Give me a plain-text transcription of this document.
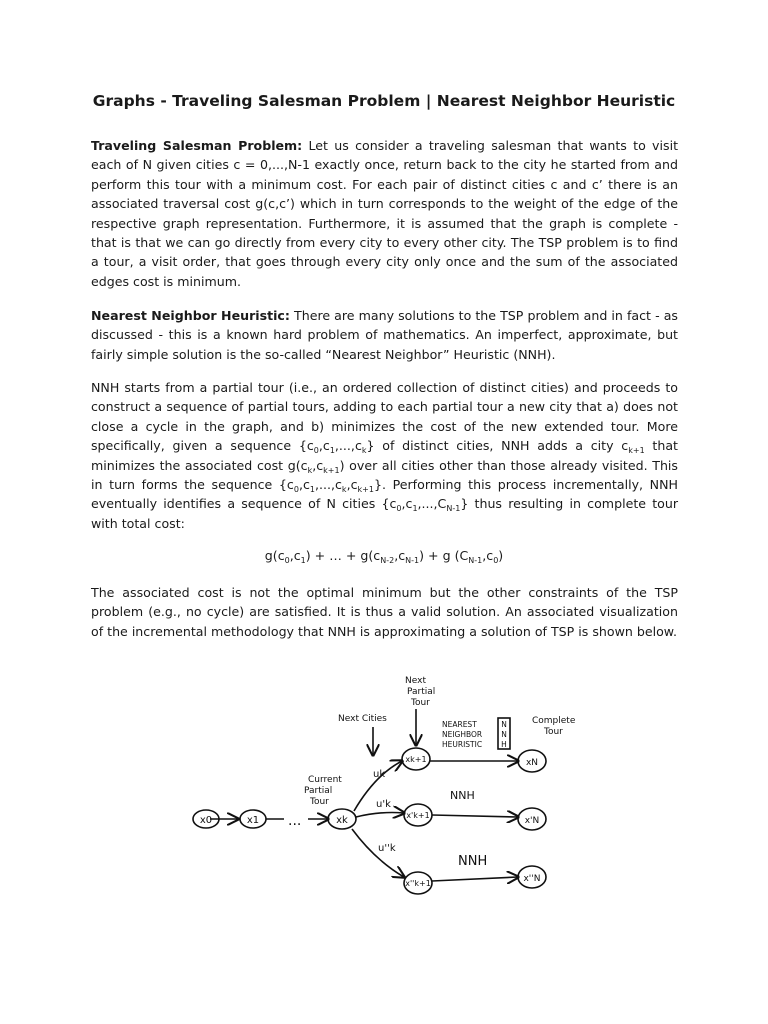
Graphs - Traveling Salesman Problem | Nearest Neighbor Heuristic

Traveling Salesman Problem: Let us consider a traveling salesman that wants to visit each of N given cities c = 0,...,N-1 exactly once, return back to the city he started from and perform this tour with a minimum cost. For each pair of distinct cities c and c’ there is an associated traversal cost g(c,c’) which in turn corresponds to the weight of the edge of the respective graph representation. Furthermore, it is assumed that the graph is complete - that is that we can go directly from every city to every other city. The TSP problem is to find a tour, a visit order, that goes through every city only once and the sum of the associated edges cost is minimum.

Nearest Neighbor Heuristic: There are many solutions to the TSP problem and in fact - as discussed - this is a known hard problem of mathematics. An imperfect, approximate, but fairly simple solution is the so-called “Nearest Neighbor” Heuristic (NNH).

NNH starts from a partial tour (i.e., an ordered collection of distinct cities) and proceeds to construct a sequence of partial tours, adding to each partial tour a new city that a) does not close a cycle in the graph, and b) minimizes the cost of the new extended tour. More specifically, given a sequence $\{c_0,c_1,...,c_k\}$ of distinct cities, NNH adds a city $c_{k+1}$ that minimizes the associated cost $g(c_k,c_{k+1})$ over all cities other than those already visited. This in turn forms the sequence $\{c_0,c_1,...,c_k,c_{k+1}\}$. Performing this process incrementally, NNH eventually identifies a sequence of N cities $\{c_0,c_1,...,C_{N-1}\}$ thus resulting in complete tour with total cost:

$g(c_0,c_1)$ + … + $g(c_{N-2},c_{N-1}) + g$ $(C_{N-1},c_0)$

The associated cost is not the optimal minimum but the other constraints of the TSP problem (e.g., no cycle) are satisfied. It is thus a valid solution. An associated visualization of the incremental methodology that NNH is approximating a solution of TSP is shown below.

...
x0	x1	xk
xk+1
x'k+1
x''k+1
xN
x'N
x''N
uk
u'k
u''k
Current
Partial
Tour
Next Cities
Next
Partial
Tour
NEAREST
NEIGHBOR
HEURISTIC
N
N
H
Complete
Tour
NNH
NNH
